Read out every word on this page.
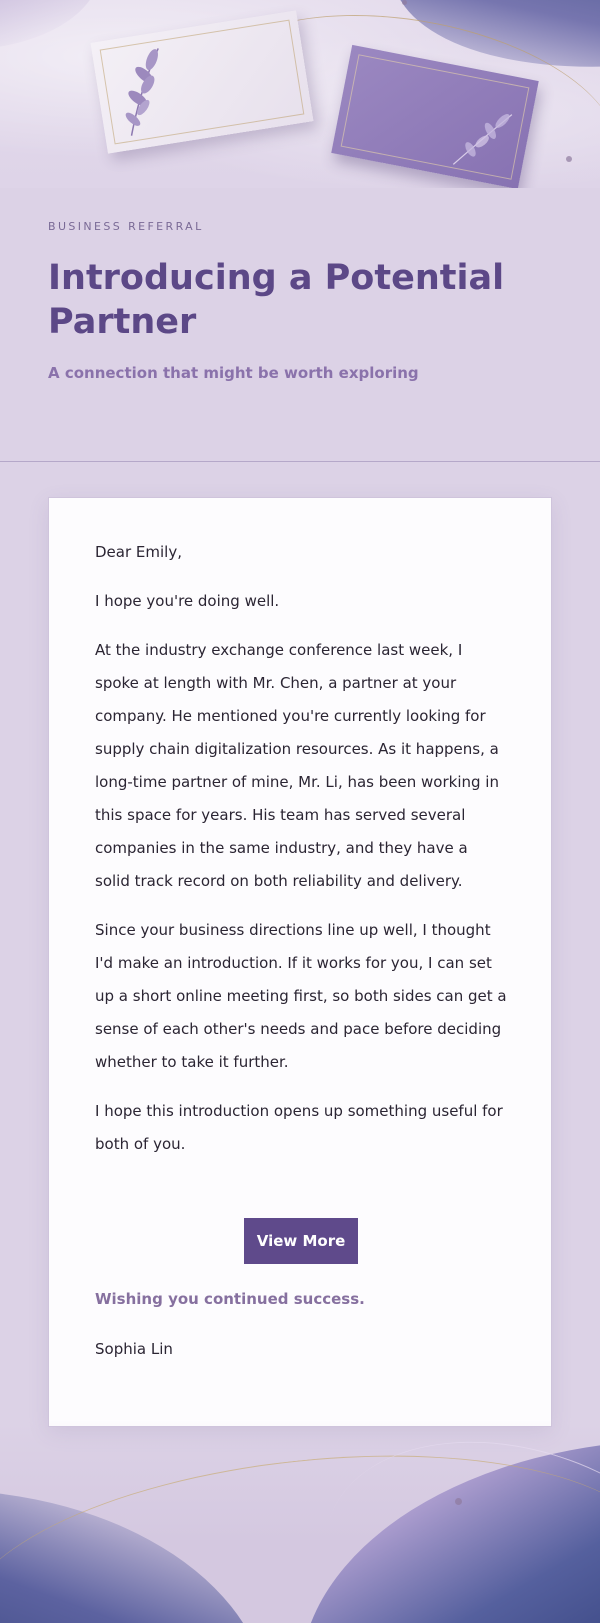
BUSINESS REFERRAL

Introducing a Potential Partner

A connection that might be worth exploring

Dear Emily,

I hope you're doing well.

At the industry exchange conference last week, I spoke at length with Mr. Chen, a partner at your company. He mentioned you're currently looking for supply chain digitalization resources. As it happens, a long-time partner of mine, Mr. Li, has been working in this space for years. His team has served several companies in the same industry, and they have a solid track record on both reliability and delivery.

Since your business directions line up well, I thought I'd make an introduction. If it works for you, I can set up a short online meeting first, so both sides can get a sense of each other's needs and pace before deciding whether to take it further.

I hope this introduction opens up something useful for both of you.

View More

Wishing you continued success.

Sophia Lin
